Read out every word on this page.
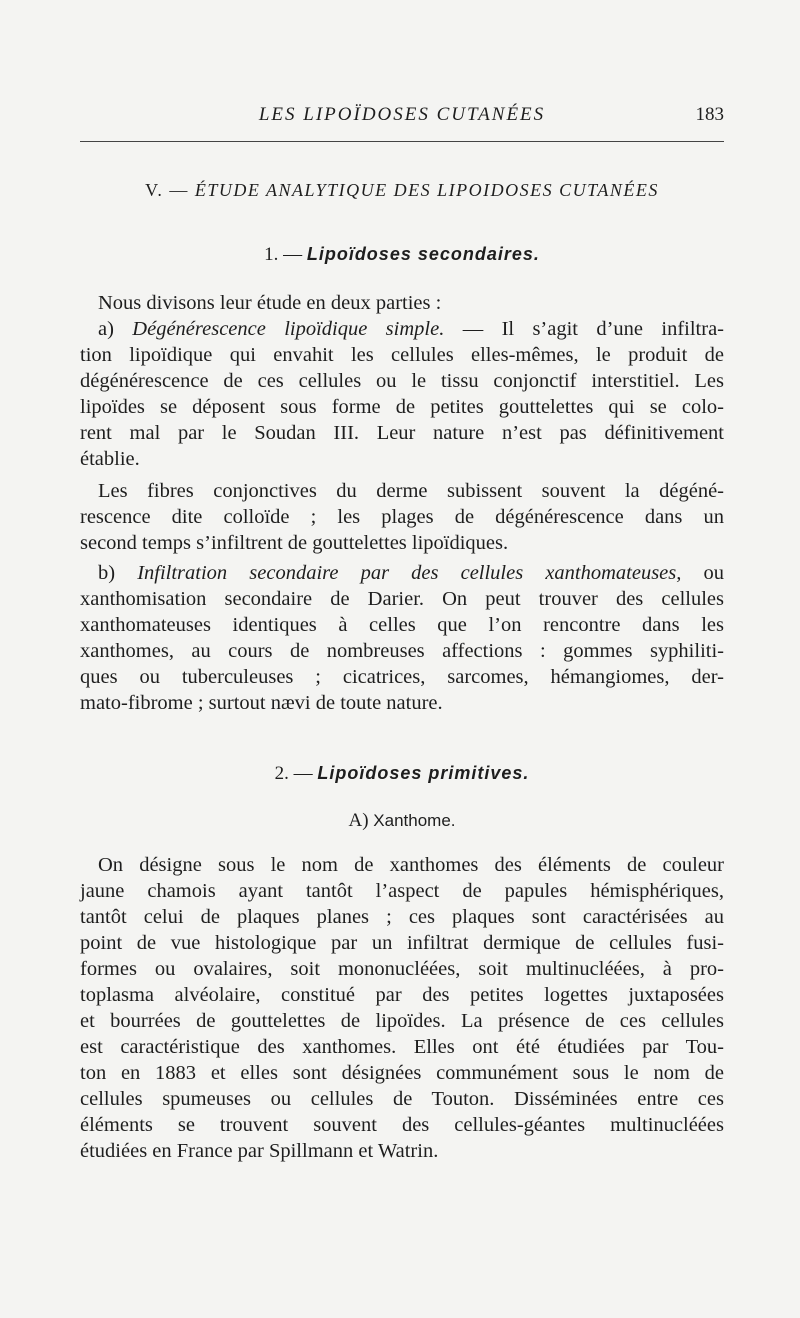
LES LIPOÏDOSES CUTANÉES	183
V. — ÉTUDE ANALYTIQUE DES LIPOIDOSES CUTANÉES
1. — Lipoïdoses secondaires.
Nous divisons leur étude en deux parties :
a) Dégénérescence lipoïdique simple. — Il s’agit d’une infiltra-
tion lipoïdique qui envahit les cellules elles-mêmes, le produit de
dégénérescence de ces cellules ou le tissu conjonctif interstitiel. Les
lipoïdes se déposent sous forme de petites gouttelettes qui se colo-
rent mal par le Soudan III. Leur nature n’est pas définitivement
établie.
Les fibres conjonctives du derme subissent souvent la dégéné-
rescence dite colloïde ; les plages de dégénérescence dans un
second temps s’infiltrent de gouttelettes lipoïdiques.
b) Infiltration secondaire par des cellules xanthomateuses, ou
xanthomisation secondaire de Darier. On peut trouver des cellules
xanthomateuses identiques à celles que l’on rencontre dans les
xanthomes, au cours de nombreuses affections : gommes syphiliti-
ques ou tuberculeuses ; cicatrices, sarcomes, hémangiomes, der-
mato-fibrome ; surtout nævi de toute nature.
2. — Lipoïdoses primitives.
A) Xanthome.
On désigne sous le nom de xanthomes des éléments de couleur
jaune chamois ayant tantôt l’aspect de papules hémisphériques,
tantôt celui de plaques planes ; ces plaques sont caractérisées au
point de vue histologique par un infiltrat dermique de cellules fusi-
formes ou ovalaires, soit mononucléées, soit multinucléées, à pro-
toplasma alvéolaire, constitué par des petites logettes juxtaposées
et bourrées de gouttelettes de lipoïdes. La présence de ces cellules
est caractéristique des xanthomes. Elles ont été étudiées par Tou-
ton en 1883 et elles sont désignées communément sous le nom de
cellules spumeuses ou cellules de Touton. Disséminées entre ces
éléments se trouvent souvent des cellules-géantes multinucléées
étudiées en France par Spillmann et Watrin.
